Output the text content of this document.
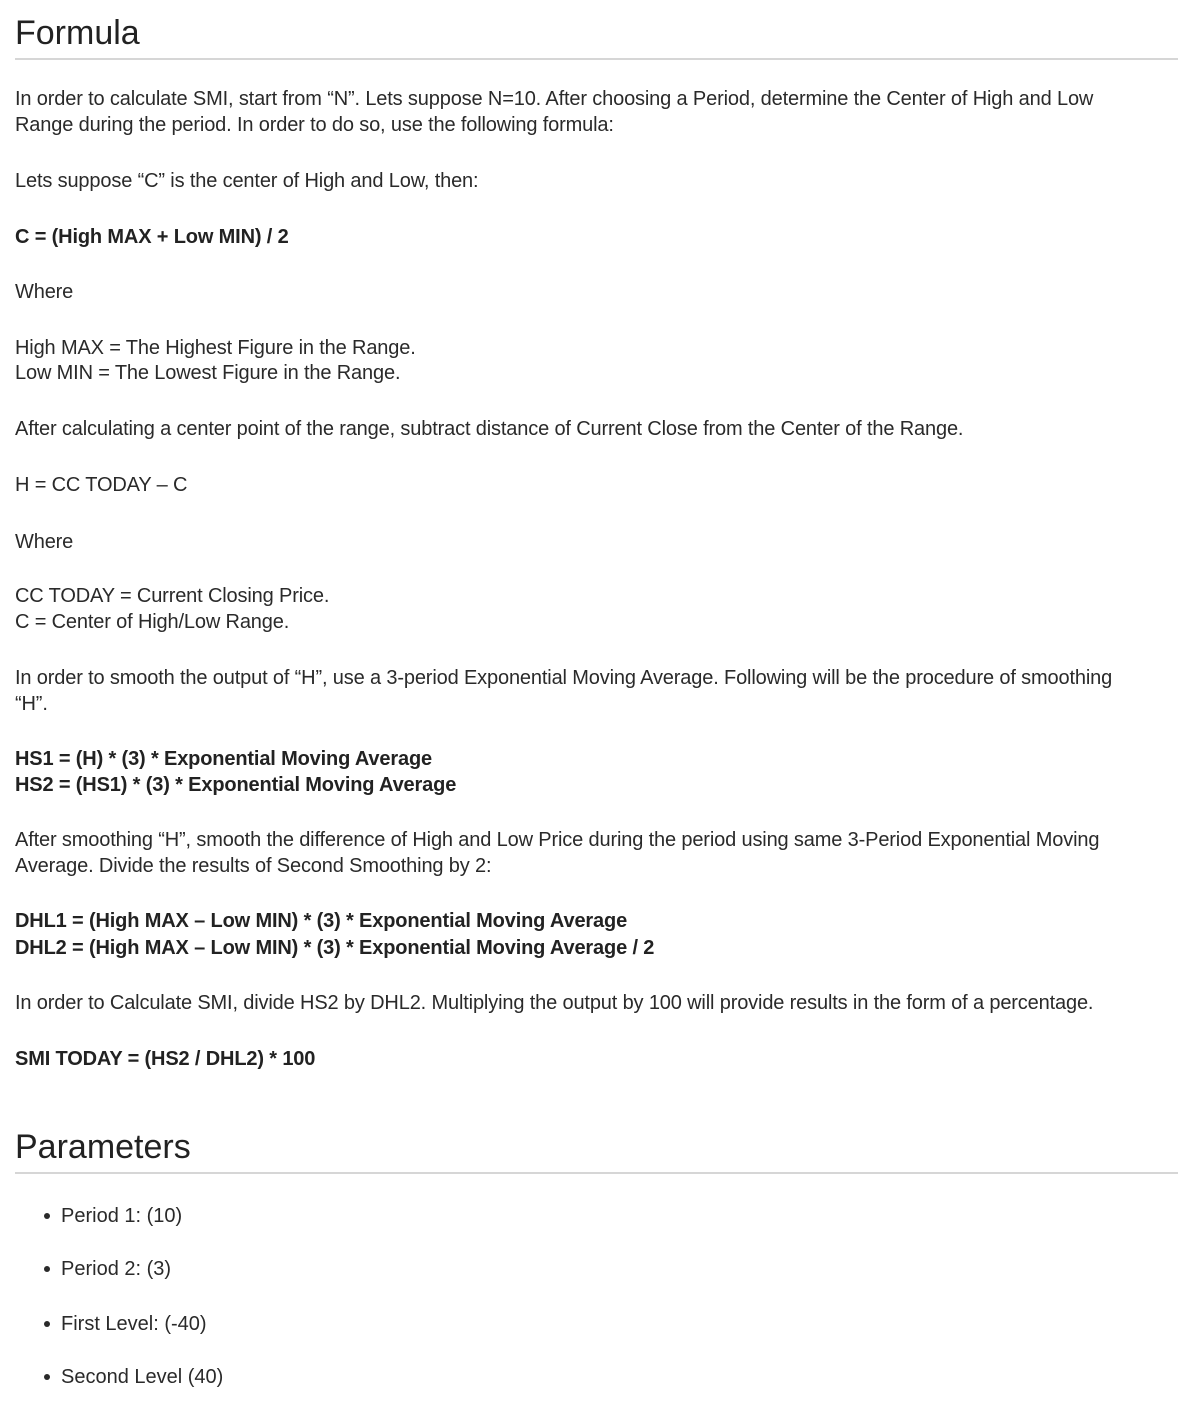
Formula

In order to calculate SMI, start from “N”. Lets suppose N=10. After choosing a Period, determine the Center of High and Low

Range during the period. In order to do so, use the following formula:

Lets suppose “C” is the center of High and Low, then:

C = (High MAX + Low MIN) / 2

Where

High MAX = The Highest Figure in the Range.

Low MIN = The Lowest Figure in the Range.

After calculating a center point of the range, subtract distance of Current Close from the Center of the Range.

H = CC TODAY – C

Where

CC TODAY = Current Closing Price.

C = Center of High/Low Range.

In order to smooth the output of “H”, use a 3-period Exponential Moving Average. Following will be the procedure of smoothing

“H”.

HS1 = (H) * (3) * Exponential Moving Average

HS2 = (HS1) * (3) * Exponential Moving Average

After smoothing “H”, smooth the difference of High and Low Price during the period using same 3-Period Exponential Moving

Average. Divide the results of Second Smoothing by 2:

DHL1 = (High MAX – Low MIN) * (3) * Exponential Moving Average

DHL2 = (High MAX – Low MIN) * (3) * Exponential Moving Average / 2

In order to Calculate SMI, divide HS2 by DHL2. Multiplying the output by 100 will provide results in the form of a percentage.

SMI TODAY = (HS2 / DHL2) * 100

Parameters
Period 1: (10)
Period 2: (3)
First Level: (-40)
Second Level (40)
